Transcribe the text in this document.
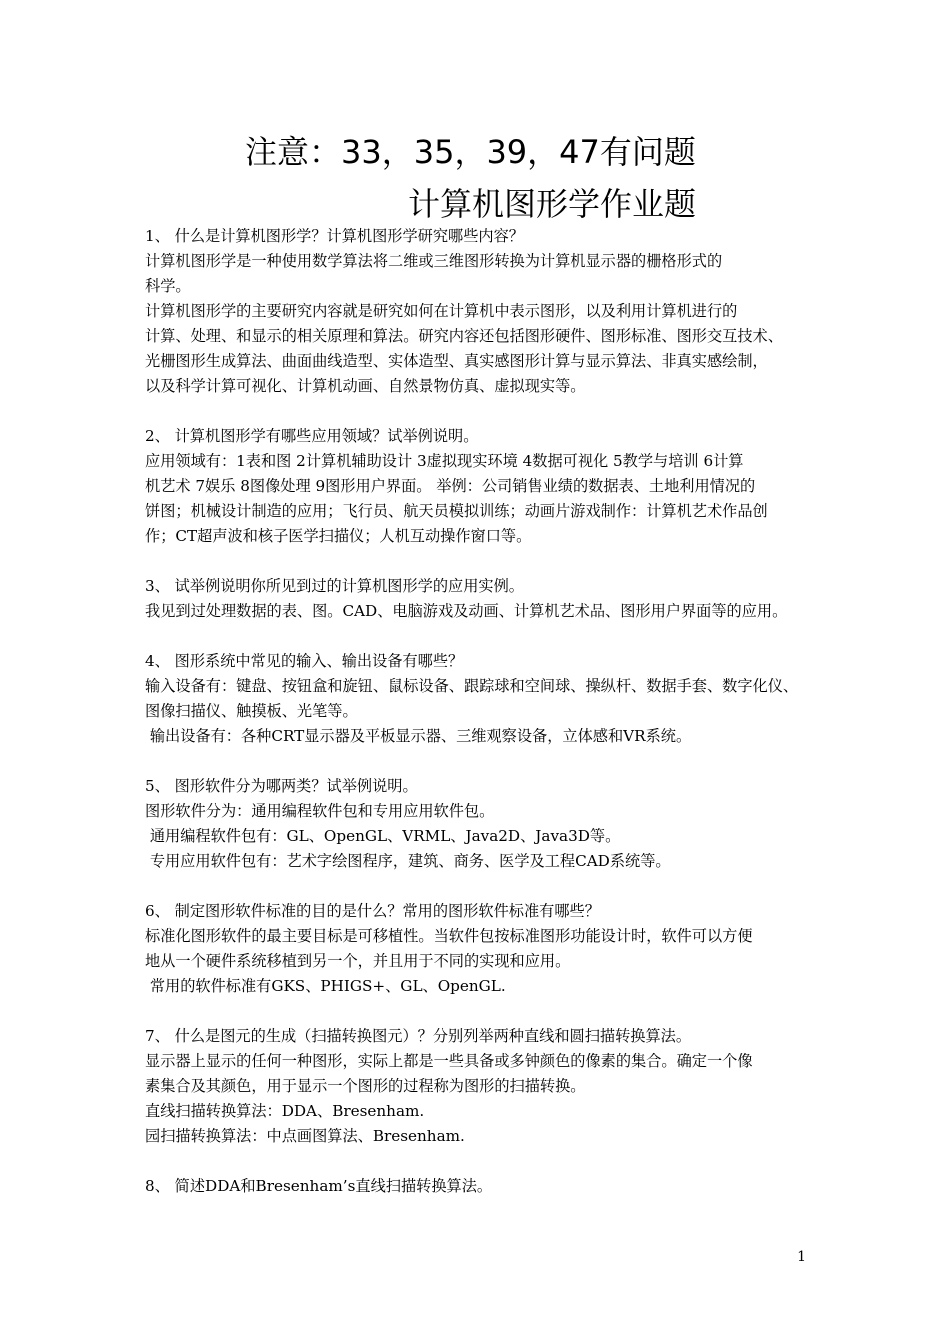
注意：33，35，39，47有问题
计算机图形学作业题

1、 什么是计算机图形学？计算机图形学研究哪些内容？

计算机图形学是一种使用数学算法将二维或三维图形转换为计算机显示器的栅格形式的

科学。

计算机图形学的主要研究内容就是研究如何在计算机中表示图形，以及利用计算机进行的

计算、处理、和显示的相关原理和算法。研究内容还包括图形硬件、图形标准、图形交互技术、

光栅图形生成算法、曲面曲线造型、实体造型、真实感图形计算与显示算法、非真实感绘制，

以及科学计算可视化、计算机动画、自然景物仿真、虚拟现实等。

2、 计算机图形学有哪些应用领域？试举例说明。

应用领域有：1表和图 2计算机辅助设计 3虚拟现实环境 4数据可视化 5教学与培训 6计算

机艺术 7娱乐 8图像处理 9图形用户界面。 举例：公司销售业绩的数据表、土地利用情况的

饼图；机械设计制造的应用；飞行员、航天员模拟训练；动画片游戏制作：计算机艺术作品创

作；CT超声波和核子医学扫描仪；人机互动操作窗口等。

3、 试举例说明你所见到过的计算机图形学的应用实例。

我见到过处理数据的表、图。CAD、电脑游戏及动画、计算机艺术品、图形用户界面等的应用。

4、 图形系统中常见的输入、输出设备有哪些？

输入设备有：键盘、按钮盒和旋钮、鼠标设备、跟踪球和空间球、操纵杆、数据手套、数字化仪、

图像扫描仪、触摸板、光笔等。

输出设备有：各种CRT显示器及平板显示器、三维观察设备，立体感和VR系统。

5、 图形软件分为哪两类？试举例说明。

图形软件分为：通用编程软件包和专用应用软件包。

通用编程软件包有：GL、OpenGL、VRML、Java2D、Java3D等。

专用应用软件包有：艺术字绘图程序，建筑、商务、医学及工程CAD系统等。

6、 制定图形软件标准的目的是什么？常用的图形软件标准有哪些？

标准化图形软件的最主要目标是可移植性。当软件包按标准图形功能设计时，软件可以方便

地从一个硬件系统移植到另一个，并且用于不同的实现和应用。

常用的软件标准有GKS、PHIGS+、GL、OpenGL.

7、 什么是图元的生成（扫描转换图元）？分别列举两种直线和圆扫描转换算法。

显示器上显示的任何一种图形，实际上都是一些具备或多钟颜色的像素的集合。确定一个像

素集合及其颜色，用于显示一个图形的过程称为图形的扫描转换。

直线扫描转换算法：DDA、Bresenham.

园扫描转换算法：中点画图算法、Bresenham.

8、 简述DDA和Bresenham’s直线扫描转换算法。

1
